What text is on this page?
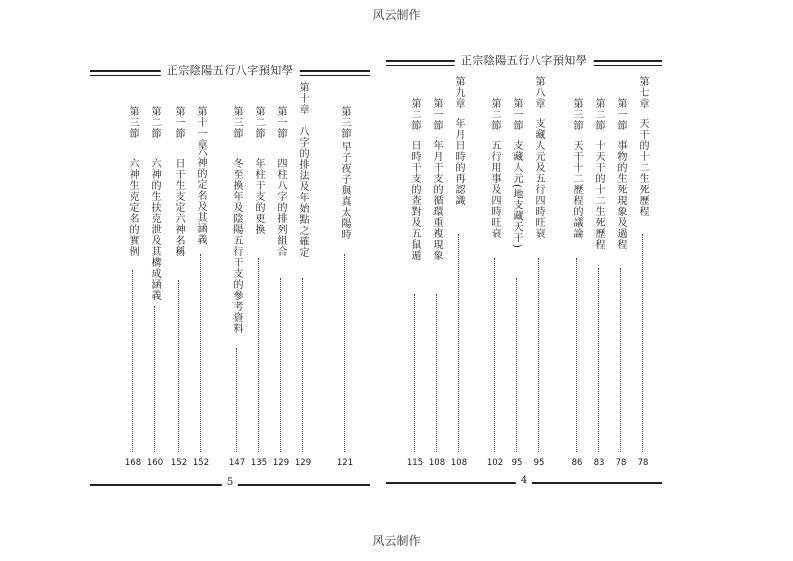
风云制作
正宗陰陽五行八字預知學
第三節
早子夜子與真太陽時
121
第十章
八字的排法及年始點之確定
129
第一節
四柱八字的排列組合
129
第二節
年柱干支的更換
135
第三節
冬至換年及陰陽五行干支的參考資料
147
第十一章
六神的定名及其涵義
152
第一節
日干生支定六神名稱
152
第二節
六神的生扶克泄及其構成涵義
160
第三節
六神生克定名的實例
168
5
正宗陰陽五行八字預知學
第七章
天干的十二生死歷程
78
第一節
事物的生死現象及過程
78
第二節
十天干的十二生死歷程
83
第三節
天干十二歷程的議論
86
第八章
支藏人元及五行四時旺衰
95
第一節
支藏人元(地支藏天干)
95
第二節
五行用事及四時旺衰
102
第九章
年月日時的再認識
108
第一節
年月干支的循環重複現象
108
第二節
日時干支的查對及五鼠遁
115
4
风云制作
